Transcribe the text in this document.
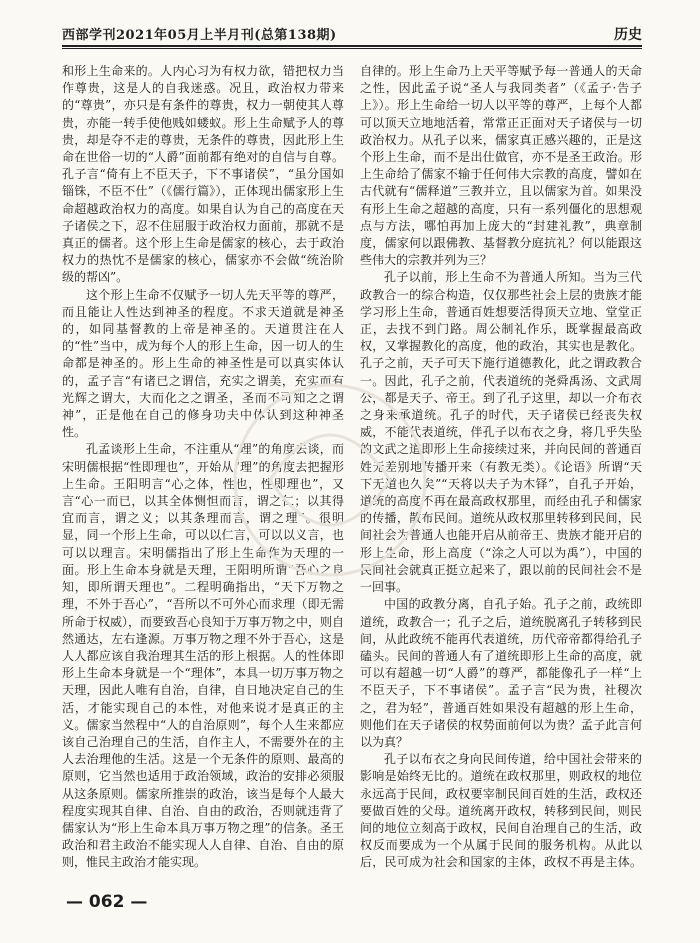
西部学刊2021年05月上半月刊(总第138期)	历史

和形上生命来的。人内心习为有权力欲，错把权力当作尊贵，这是人的自我迷惑。况且，政治权力带来的“尊贵”，亦只是有条件的尊贵，权力一朝使其人尊贵，亦能一转手使他贱如蝼蚁。形上生命赋予人的尊贵，却是夺不走的尊贵，无条件的尊贵，因此形上生命在世俗一切的“人爵”面前都有绝对的自信与自尊。孔子言“倚有上不臣天子，下不事诸侯”，“虽分国如锱铢，不臣不仕”（《儒行篇》），正体现出儒家形上生命超越政治权力的高度。如果自认为自己的高度在天子诸侯之下，忍不住屈服于政治权力面前，那就不是真正的儒者。这个形上生命是儒家的核心，去于政治权力的热忱不是儒家的核心，儒家亦不会做“统治阶级的帮凶”。

这个形上生命不仅赋予一切人先天平等的尊严，而且能让人性达到神圣的程度。不求天道就是神圣的，如同基督教的上帝是神圣的。天道贯注在人的“性”当中，成为每个人的形上生命，因一切人的生命都是神圣的。形上生命的神圣性是可以真实体认的，孟子言“有诸已之谓信，充实之谓美，充实而有光辉之谓大，大而化之之谓圣，圣而不可知之之谓神”，正是他在自己的修身功夫中体认到这种神圣性。

孔孟谈形上生命，不注重从“理”的角度去谈，而宋明儒根据“性即理也”，开始从“理”的角度去把握形上生命。王阳明言“心之体，性也，性即理也”，又言“心一而已，以其全体恻怛而言，谓之仁；以其得宜而言，谓之义；以其条理而言，谓之理”。很明显，同一个形上生命，可以以仁言，可以以义言，也可以以理言。宋明儒指出了形上生命作为天理的一面。形上生命本身就是天理，王阳明所谓“吾心之良知，即所谓天理也”。二程明确指出，“天下万物之理，不外于吾心”，“吾所以不可外心而求理（即无需所命于权威），而要致吾心良知于万事万物之中，则自然通达，左右逢源。万事万物之理不外于吾心，这是人人都应该自我治理其生活的形上根据。人的性体即形上生命本身就是一个“理体”，本具一切万事万物之天理，因此人唯有自治，自律，自日地决定自己的生活，才能实现自己的本性，对他来说才是真正的主义。儒家当然程中“人的自治原则”，每个人生来都应该自己治理自己的生活，自作主人，不需要外在的主人去治理他的生活。这是一个无条件的原则、最高的原则，它当然也适用于政治领域，政治的安排必须服从这条原则。儒家所推崇的政治，该当是每个人最大程度实现其自律、自治、自由的政治，否则就违背了儒家认为“形上生命本具万事万物之理”的信条。圣王政治和君主政治不能实现人人自律、自治、自由的原则，惟民主政治才能实现。

自律的。形上生命乃上天平等赋予每一普通人的天命之性，因此孟子说“圣人与我同类者”（《孟子·告子上》）。形上生命给一切人以平等的尊严，上每个人都可以顶天立地地活着，常常正正面对天子诸侯与一切政治权力。从孔子以来，儒家真正感兴趣的，正是这个形上生命，而不是出仕做官，亦不是圣王政治。形上生命给了儒家不输于任何伟大宗教的高度，譬如在古代就有“儒释道”三教并立，且以儒家为首。如果没有形上生命之超越的高度，只有一系列僵化的思想观点与方法，哪怕再加上庞大的“封建礼教”，典章制度，儒家何以跟佛教、基督教分庭抗礼？何以能跟这些伟大的宗教并列为三？

孔子以前，形上生命不为普通人所知。当为三代政教合一的综合构造，仅仅那些社会上层的贵族才能学习形上生命，普通百姓想要活得顶天立地、堂堂正正，去找不到门路。周公制礼作乐，既掌握最高政权，又掌握教化的高度，他的政治，其实也是教化。孔子之前，天子可天下施行道德教化，此之谓政教合一。因此，孔子之前，代表道统的尧舜禹汤、文武周公，都是天子、帝王。到了孔子这里，却以一介布衣之身来承道统。孔子的时代，天子诸侯已经丧失权威，不能代表道统，伴孔子以布衣之身，将几乎失坠的文武之道即形上生命接续过来，并向民间的普通百姓无差别地传播开来（有教无类）。《论语》所谓“天下无道也久矣”“天将以夫子为木铎”，自孔子开始，道统的高度不再在最高政权那里，而经由孔子和儒家的传播，散布民间。道统从政权那里转移到民间，民间社会为普通人也能开启从前帝王、贵族才能开启的形上生命，形上高度（“涂之人可以为禹”），中国的民间社会就真正挺立起来了，跟以前的民间社会不是一回事。

中国的政教分离，自孔子始。孔子之前，政统即道统，政教合一；孔子之后，道统脱离孔子转移到民间，从此政统不能再代表道统，历代帝帝都得给孔子磕头。民间的普通人有了道统即形上生命的高度，就可以有超越一切“人爵”的尊严，都能像孔子一样“上不臣天子，下不事诸侯”。孟子言“民为贵，社稷次之，君为轻”，普通百姓如果没有超越的形上生命，则他们在天子诸侯的权势面前何以为贵？孟子此言何以为真？

孔子以布衣之身向民间传道，给中国社会带来的影响是始终无比的。道统在政权那里，则政权的地位永远高于民间，政权要宰制民间百姓的生活，政权还要做百姓的父母。道统离开政权，转移到民间，则民间的地位立刻高于政权，民间自治理自己的生活，政权反而要成为一个从属于民间的服务机构。从此以后，民可成为社会和国家的主体，政权不再是主体。

— 062 —
